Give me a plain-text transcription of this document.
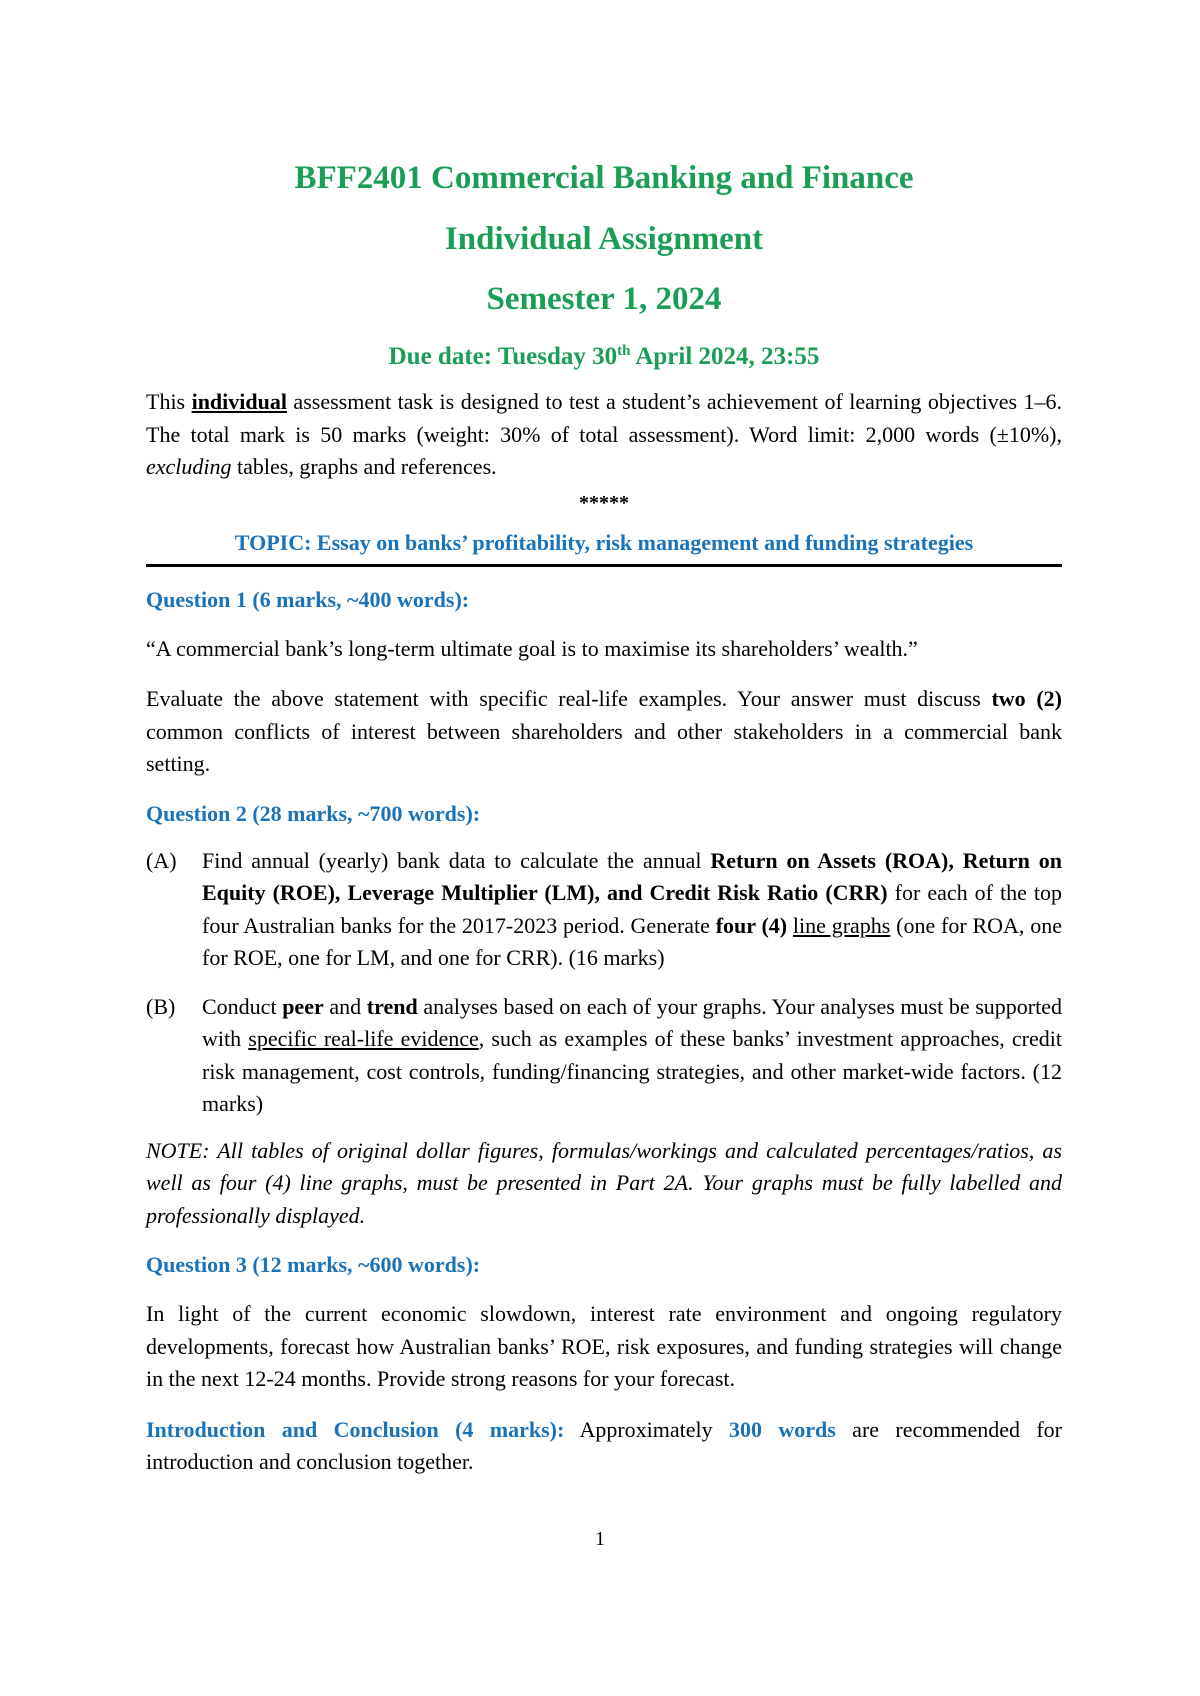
BFF2401 Commercial Banking and Finance
Individual Assignment
Semester 1, 2024
Due date: Tuesday 30th April 2024, 23:55

This individual assessment task is designed to test a student’s achievement of learning objectives 1–6. The total mark is 50 marks (weight: 30% of total assessment). Word limit: 2,000 words (±10%), excluding tables, graphs and references.

*****
TOPIC: Essay on banks’ profitability, risk management and funding strategies
Question 1 (6 marks, ~400 words):

“A commercial bank’s long-term ultimate goal is to maximise its shareholders’ wealth.”

Evaluate the above statement with specific real-life examples. Your answer must discuss two (2) common conflicts of interest between shareholders and other stakeholders in a commercial bank setting.

Question 2 (28 marks, ~700 words):
(A)	Find annual (yearly) bank data to calculate the annual Return on Assets (ROA), Return on Equity (ROE), Leverage Multiplier (LM), and Credit Risk Ratio (CRR) for each of the top four Australian banks for the 2017-2023 period. Generate four (4) line graphs (one for ROA, one for ROE, one for LM, and one for CRR). (16 marks)
(B)	Conduct peer and trend analyses based on each of your graphs. Your analyses must be supported with specific real-life evidence, such as examples of these banks’ investment approaches, credit risk management, cost controls, funding/financing strategies, and other market-wide factors. (12 marks)

NOTE: All tables of original dollar figures, formulas/workings and calculated percentages/ratios, as well as four (4) line graphs, must be presented in Part 2A. Your graphs must be fully labelled and professionally displayed.

Question 3 (12 marks, ~600 words):

In light of the current economic slowdown, interest rate environment and ongoing regulatory developments, forecast how Australian banks’ ROE, risk exposures, and funding strategies will change in the next 12-24 months. Provide strong reasons for your forecast.

Introduction and Conclusion (4 marks): Approximately 300 words are recommended for introduction and conclusion together.

1
